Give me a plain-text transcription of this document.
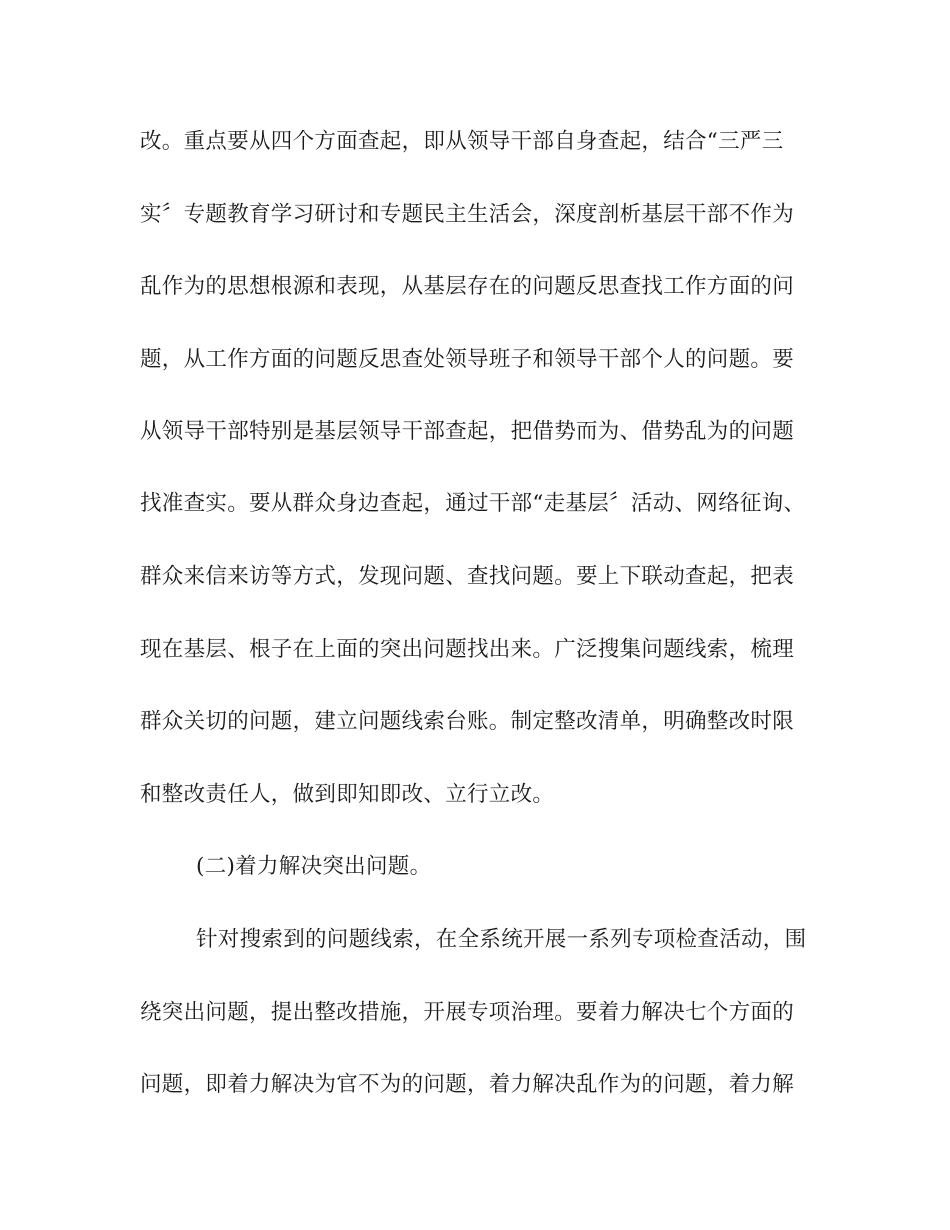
改。重点要从四个方面查起，即从领导干部自身查起，结合“三严三
实〞专题教育学习研讨和专题民主生活会，深度剖析基层干部不作为
乱作为的思想根源和表现，从基层存在的问题反思查找工作方面的问
题，从工作方面的问题反思查处领导班子和领导干部个人的问题。要
从领导干部特别是基层领导干部查起，把借势而为、借势乱为的问题
找准查实。要从群众身边查起，通过干部“走基层〞活动、网络征询、
群众来信来访等方式，发现问题、查找问题。要上下联动查起，把表
现在基层、根子在上面的突出问题找出来。广泛搜集问题线索，梳理
群众关切的问题，建立问题线索台账。制定整改清单，明确整改时限
和整改责任人，做到即知即改、立行立改。
(二)着力解决突出问题。
针对搜索到的问题线索，在全系统开展一系列专项检查活动，围
绕突出问题，提出整改措施，开展专项治理。要着力解决七个方面的
问题，即着力解决为官不为的问题，着力解决乱作为的问题，着力解
